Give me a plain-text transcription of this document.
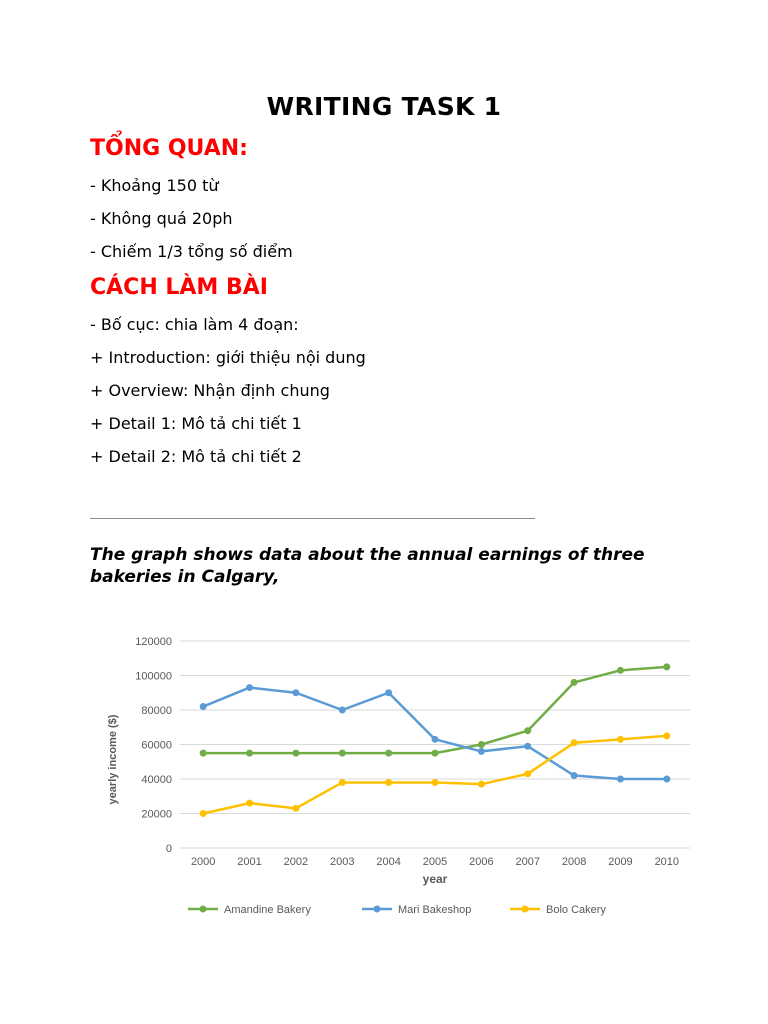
WRITING TASK 1
TỔNG QUAN:

- Khoảng 150 từ

- Không quá 20ph

- Chiếm 1/3 tổng số điểm

CÁCH LÀM BÀI

- Bố cục: chia làm 4 đoạn:

+ Introduction: giới thiệu nội dung

+ Overview: Nhận định chung

+ Detail 1: Mô tả chi tiết 1

+ Detail 2: Mô tả chi tiết 2

The graph shows data about the annual earnings of three bakeries in Calgary,

0
20000
40000
60000
80000
100000
120000
2000 2001 2002 2003 2004 2005 2006 2007 2008 2009 2010
year
yearly income ($)
Amandine Bakery	Mari Bakeshop	Bolo Cakery
